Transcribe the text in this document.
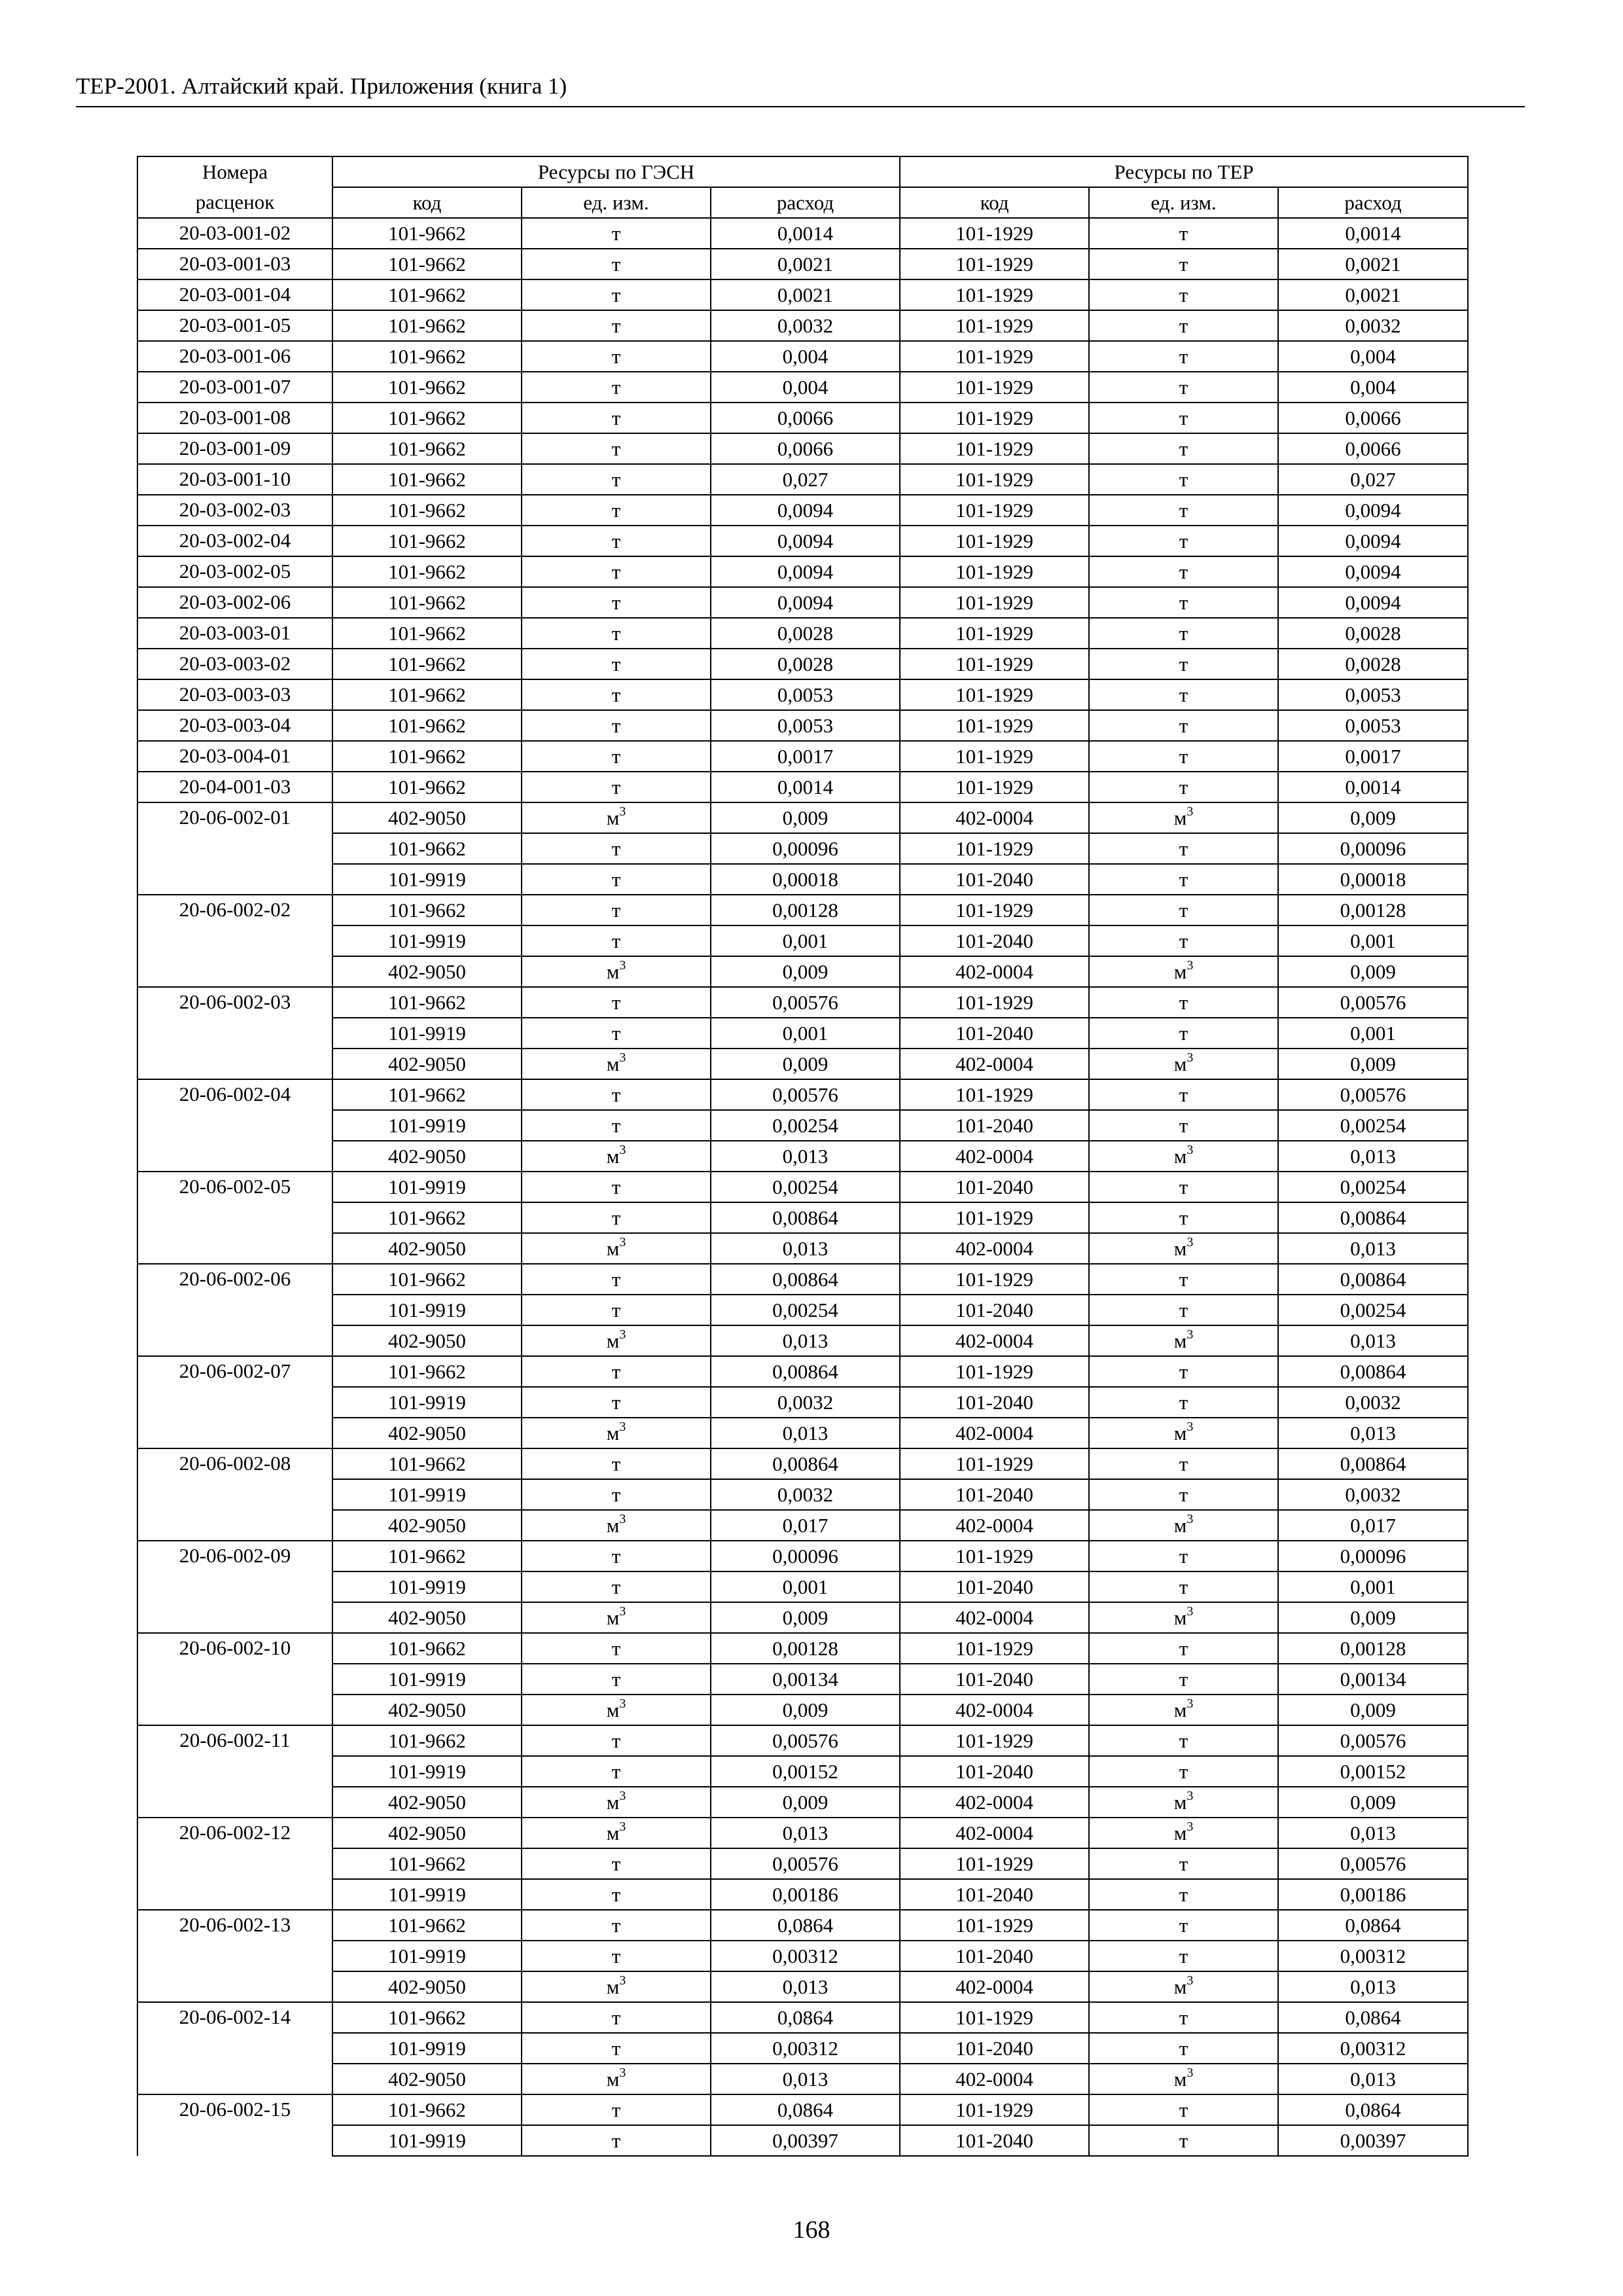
ТЕР-2001. Алтайский край. Приложения (книга 1)
Номера	Ресурсы по ГЭСН			Ресурсы по ТЕР		
расценок	код	ед. изм.	расход	код	ед. изм.	расход
20-03-001-02	101-9662	т	0,0014	101-1929	т	0,0014
20-03-001-03	101-9662	т	0,0021	101-1929	т	0,0021
20-03-001-04	101-9662	т	0,0021	101-1929	т	0,0021
20-03-001-05	101-9662	т	0,0032	101-1929	т	0,0032
20-03-001-06	101-9662	т	0,004	101-1929	т	0,004
20-03-001-07	101-9662	т	0,004	101-1929	т	0,004
20-03-001-08	101-9662	т	0,0066	101-1929	т	0,0066
20-03-001-09	101-9662	т	0,0066	101-1929	т	0,0066
20-03-001-10	101-9662	т	0,027	101-1929	т	0,027
20-03-002-03	101-9662	т	0,0094	101-1929	т	0,0094
20-03-002-04	101-9662	т	0,0094	101-1929	т	0,0094
20-03-002-05	101-9662	т	0,0094	101-1929	т	0,0094
20-03-002-06	101-9662	т	0,0094	101-1929	т	0,0094
20-03-003-01	101-9662	т	0,0028	101-1929	т	0,0028
20-03-003-02	101-9662	т	0,0028	101-1929	т	0,0028
20-03-003-03	101-9662	т	0,0053	101-1929	т	0,0053
20-03-003-04	101-9662	т	0,0053	101-1929	т	0,0053
20-03-004-01	101-9662	т	0,0017	101-1929	т	0,0017
20-04-001-03	101-9662	т	0,0014	101-1929	т	0,0014
20-06-002-01	402-9050	$м^3$	0,009	402-0004	$м^3$	0,009
	101-9662	т	0,00096	101-1929	т	0,00096
	101-9919	т	0,00018	101-2040	т	0,00018
20-06-002-02	101-9662	т	0,00128	101-1929	т	0,00128
	101-9919	т	0,001	101-2040	т	0,001
	402-9050	$м^3$	0,009	402-0004	$м^3$	0,009
20-06-002-03	101-9662	т	0,00576	101-1929	т	0,00576
	101-9919	т	0,001	101-2040	т	0,001
	402-9050	$м^3$	0,009	402-0004	$м^3$	0,009
20-06-002-04	101-9662	т	0,00576	101-1929	т	0,00576
	101-9919	т	0,00254	101-2040	т	0,00254
	402-9050	$м^3$	0,013	402-0004	$м^3$	0,013
20-06-002-05	101-9919	т	0,00254	101-2040	т	0,00254
	101-9662	т	0,00864	101-1929	т	0,00864
	402-9050	$м^3$	0,013	402-0004	$м^3$	0,013
20-06-002-06	101-9662	т	0,00864	101-1929	т	0,00864
	101-9919	т	0,00254	101-2040	т	0,00254
	402-9050	$м^3$	0,013	402-0004	$м^3$	0,013
20-06-002-07	101-9662	т	0,00864	101-1929	т	0,00864
	101-9919	т	0,0032	101-2040	т	0,0032
	402-9050	$м^3$	0,013	402-0004	$м^3$	0,013
20-06-002-08	101-9662	т	0,00864	101-1929	т	0,00864
	101-9919	т	0,0032	101-2040	т	0,0032
	402-9050	$м^3$	0,017	402-0004	$м^3$	0,017
20-06-002-09	101-9662	т	0,00096	101-1929	т	0,00096
	101-9919	т	0,001	101-2040	т	0,001
	402-9050	$м^3$	0,009	402-0004	$м^3$	0,009
20-06-002-10	101-9662	т	0,00128	101-1929	т	0,00128
	101-9919	т	0,00134	101-2040	т	0,00134
	402-9050	$м^3$	0,009	402-0004	$м^3$	0,009
20-06-002-11	101-9662	т	0,00576	101-1929	т	0,00576
	101-9919	т	0,00152	101-2040	т	0,00152
	402-9050	$м^3$	0,009	402-0004	$м^3$	0,009
20-06-002-12	402-9050	$м^3$	0,013	402-0004	$м^3$	0,013
	101-9662	т	0,00576	101-1929	т	0,00576
	101-9919	т	0,00186	101-2040	т	0,00186
20-06-002-13	101-9662	т	0,0864	101-1929	т	0,0864
	101-9919	т	0,00312	101-2040	т	0,00312
	402-9050	$м^3$	0,013	402-0004	$м^3$	0,013
20-06-002-14	101-9662	т	0,0864	101-1929	т	0,0864
	101-9919	т	0,00312	101-2040	т	0,00312
	402-9050	$м^3$	0,013	402-0004	$м^3$	0,013
20-06-002-15	101-9662	т	0,0864	101-1929	т	0,0864
	101-9919	т	0,00397	101-2040	т	0,00397
168
